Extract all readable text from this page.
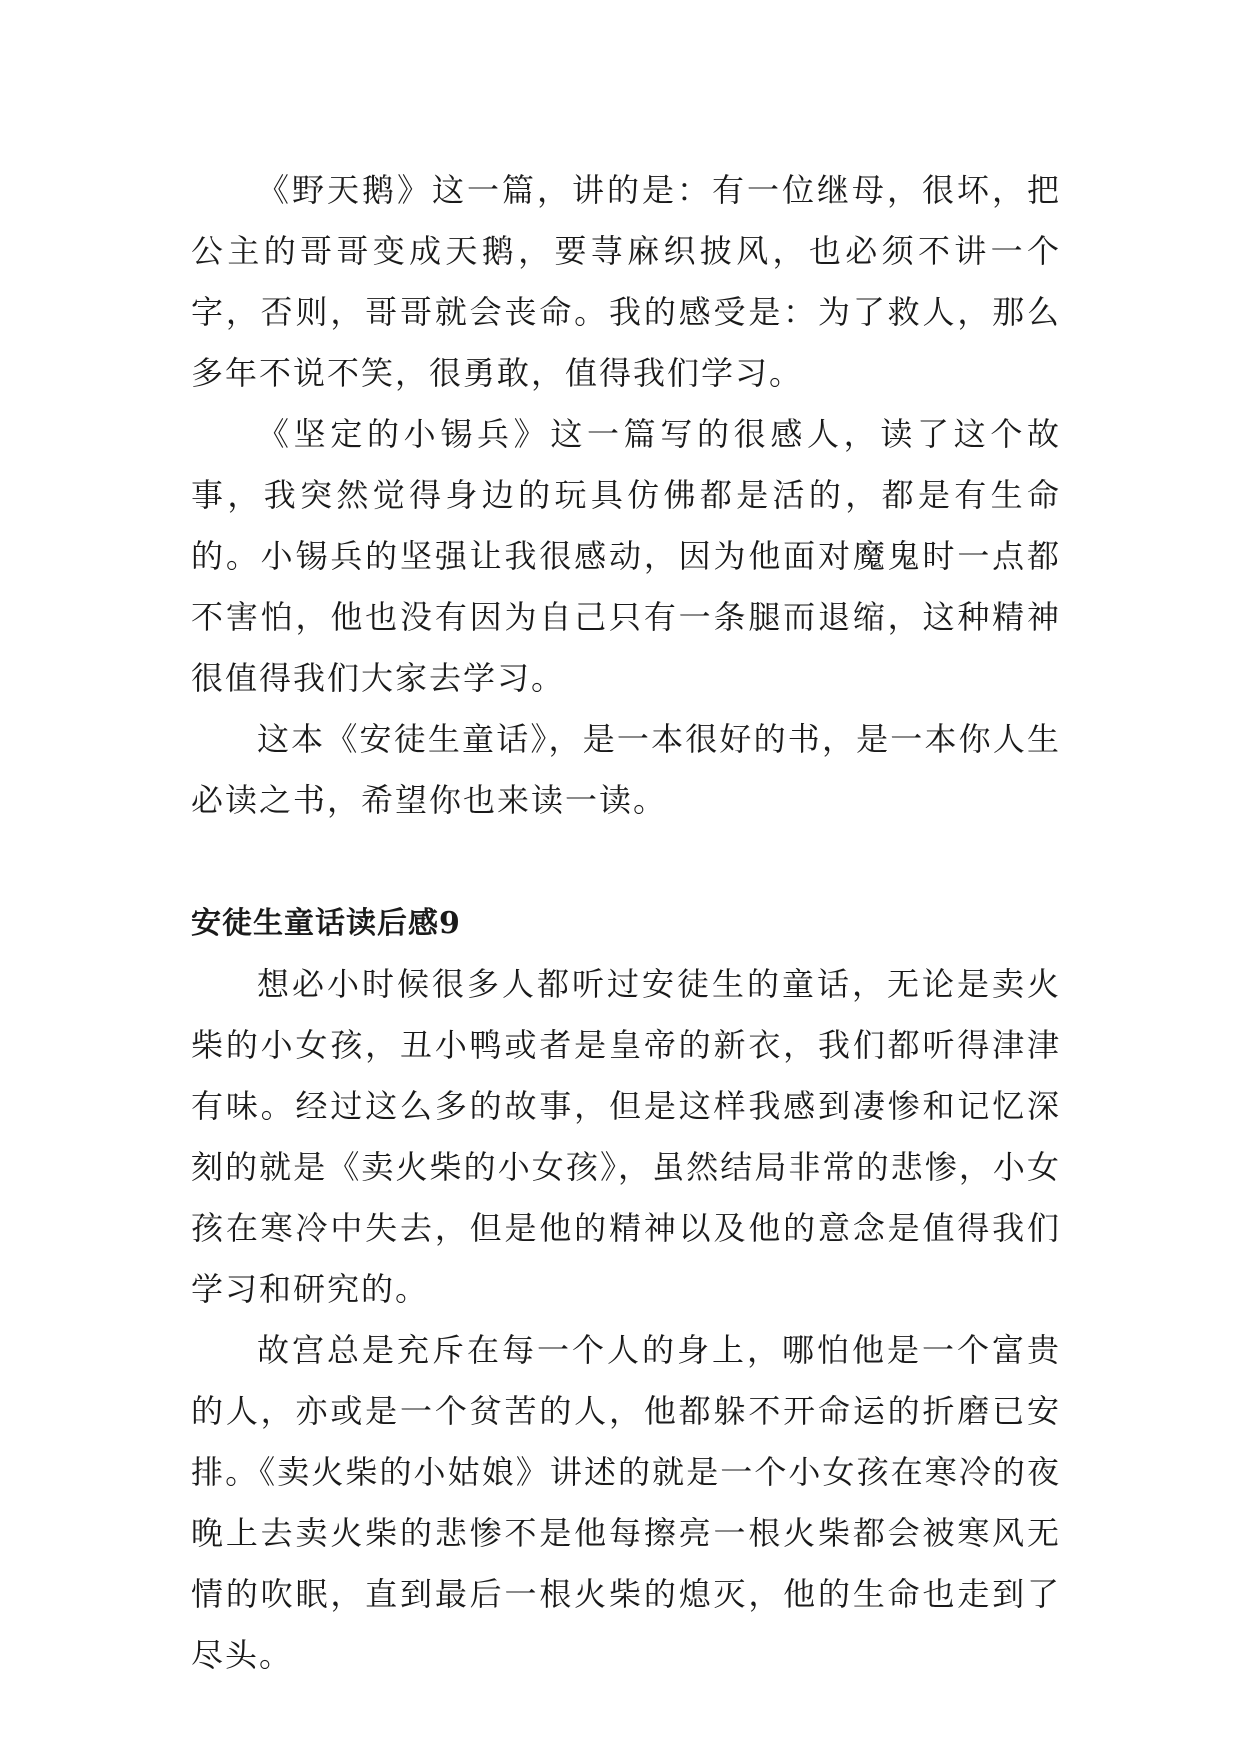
《野天鹅》这一篇，讲的是：有一位继母，很坏，把公主的哥哥变成天鹅，要荨麻织披风，也必须不讲一个字，否则，哥哥就会丧命。我的感受是：为了救人，那么多年不说不笑，很勇敢，值得我们学习。

《坚定的小锡兵》这一篇写的很感人，读了这个故事，我突然觉得身边的玩具仿佛都是活的，都是有生命的。小锡兵的坚强让我很感动，因为他面对魔鬼时一点都不害怕，他也没有因为自己只有一条腿而退缩，这种精神很值得我们大家去学习。

这本《安徒生童话》，是一本很好的书，是一本你人生必读之书，希望你也来读一读。

安徒生童话读后感9

想必小时候很多人都听过安徒生的童话，无论是卖火柴的小女孩，丑小鸭或者是皇帝的新衣，我们都听得津津有味。经过这么多的故事，但是这样我感到凄惨和记忆深刻的就是《卖火柴的小女孩》，虽然结局非常的悲惨，小女孩在寒冷中失去，但是他的精神以及他的意念是值得我们学习和研究的。

故宫总是充斥在每一个人的身上，哪怕他是一个富贵的人，亦或是一个贫苦的人，他都躲不开命运的折磨已安排。《卖火柴的小姑娘》讲述的就是一个小女孩在寒冷的夜晚上去卖火柴的悲惨不是他每擦亮一根火柴都会被寒风无情的吹眠，直到最后一根火柴的熄灭，他的生命也走到了尽头。
